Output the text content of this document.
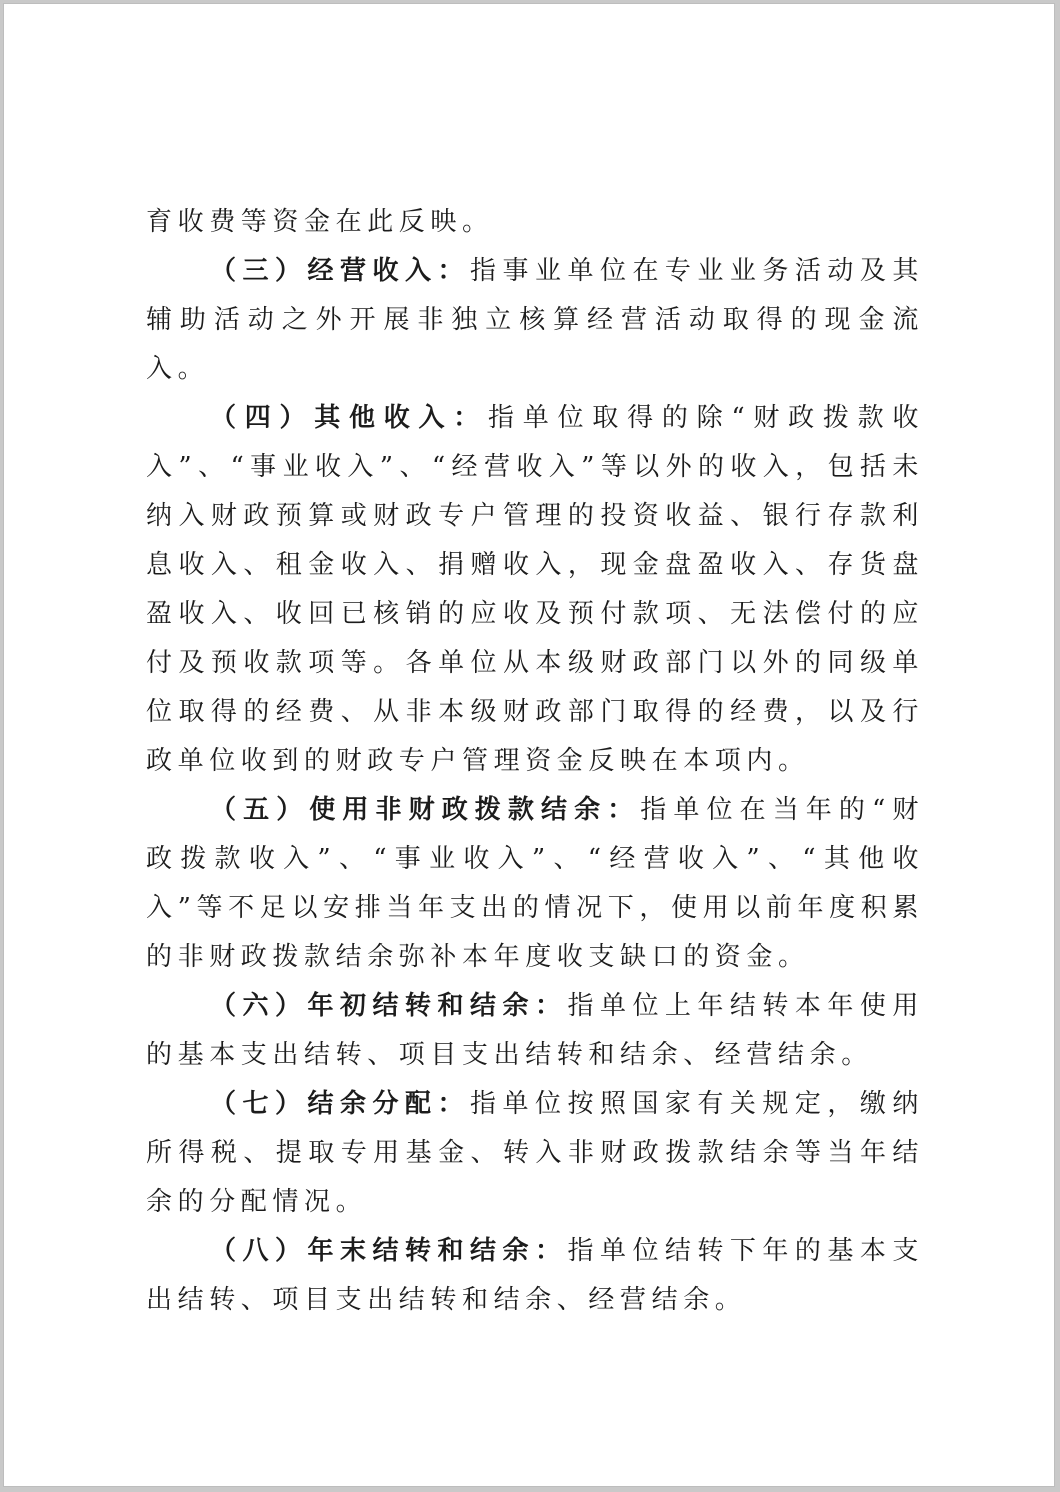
育收费等资金在此反映。

（三）经营收入：指事业单位在专业业务活动及其辅助活动之外开展非独立核算经营活动取得的现金流入。

（四）其他收入：指单位取得的除“财政拨款收入”、“事业收入”、“经营收入”等以外的收入，包括未纳入财政预算或财政专户管理的投资收益、银行存款利息收入、租金收入、捐赠收入，现金盘盈收入、存货盘盈收入、收回已核销的应收及预付款项、无法偿付的应付及预收款项等。各单位从本级财政部门以外的同级单位取得的经费、从非本级财政部门取得的经费，以及行政单位收到的财政专户管理资金反映在本项内。

（五）使用非财政拨款结余：指单位在当年的“财政拨款收入”、“事业收入”、“经营收入”、“其他收入”等不足以安排当年支出的情况下，使用以前年度积累的非财政拨款结余弥补本年度收支缺口的资金。

（六）年初结转和结余：指单位上年结转本年使用的基本支出结转、项目支出结转和结余、经营结余。

（七）结余分配：指单位按照国家有关规定，缴纳所得税、提取专用基金、转入非财政拨款结余等当年结余的分配情况。

（八）年末结转和结余：指单位结转下年的基本支出结转、项目支出结转和结余、经营结余。
